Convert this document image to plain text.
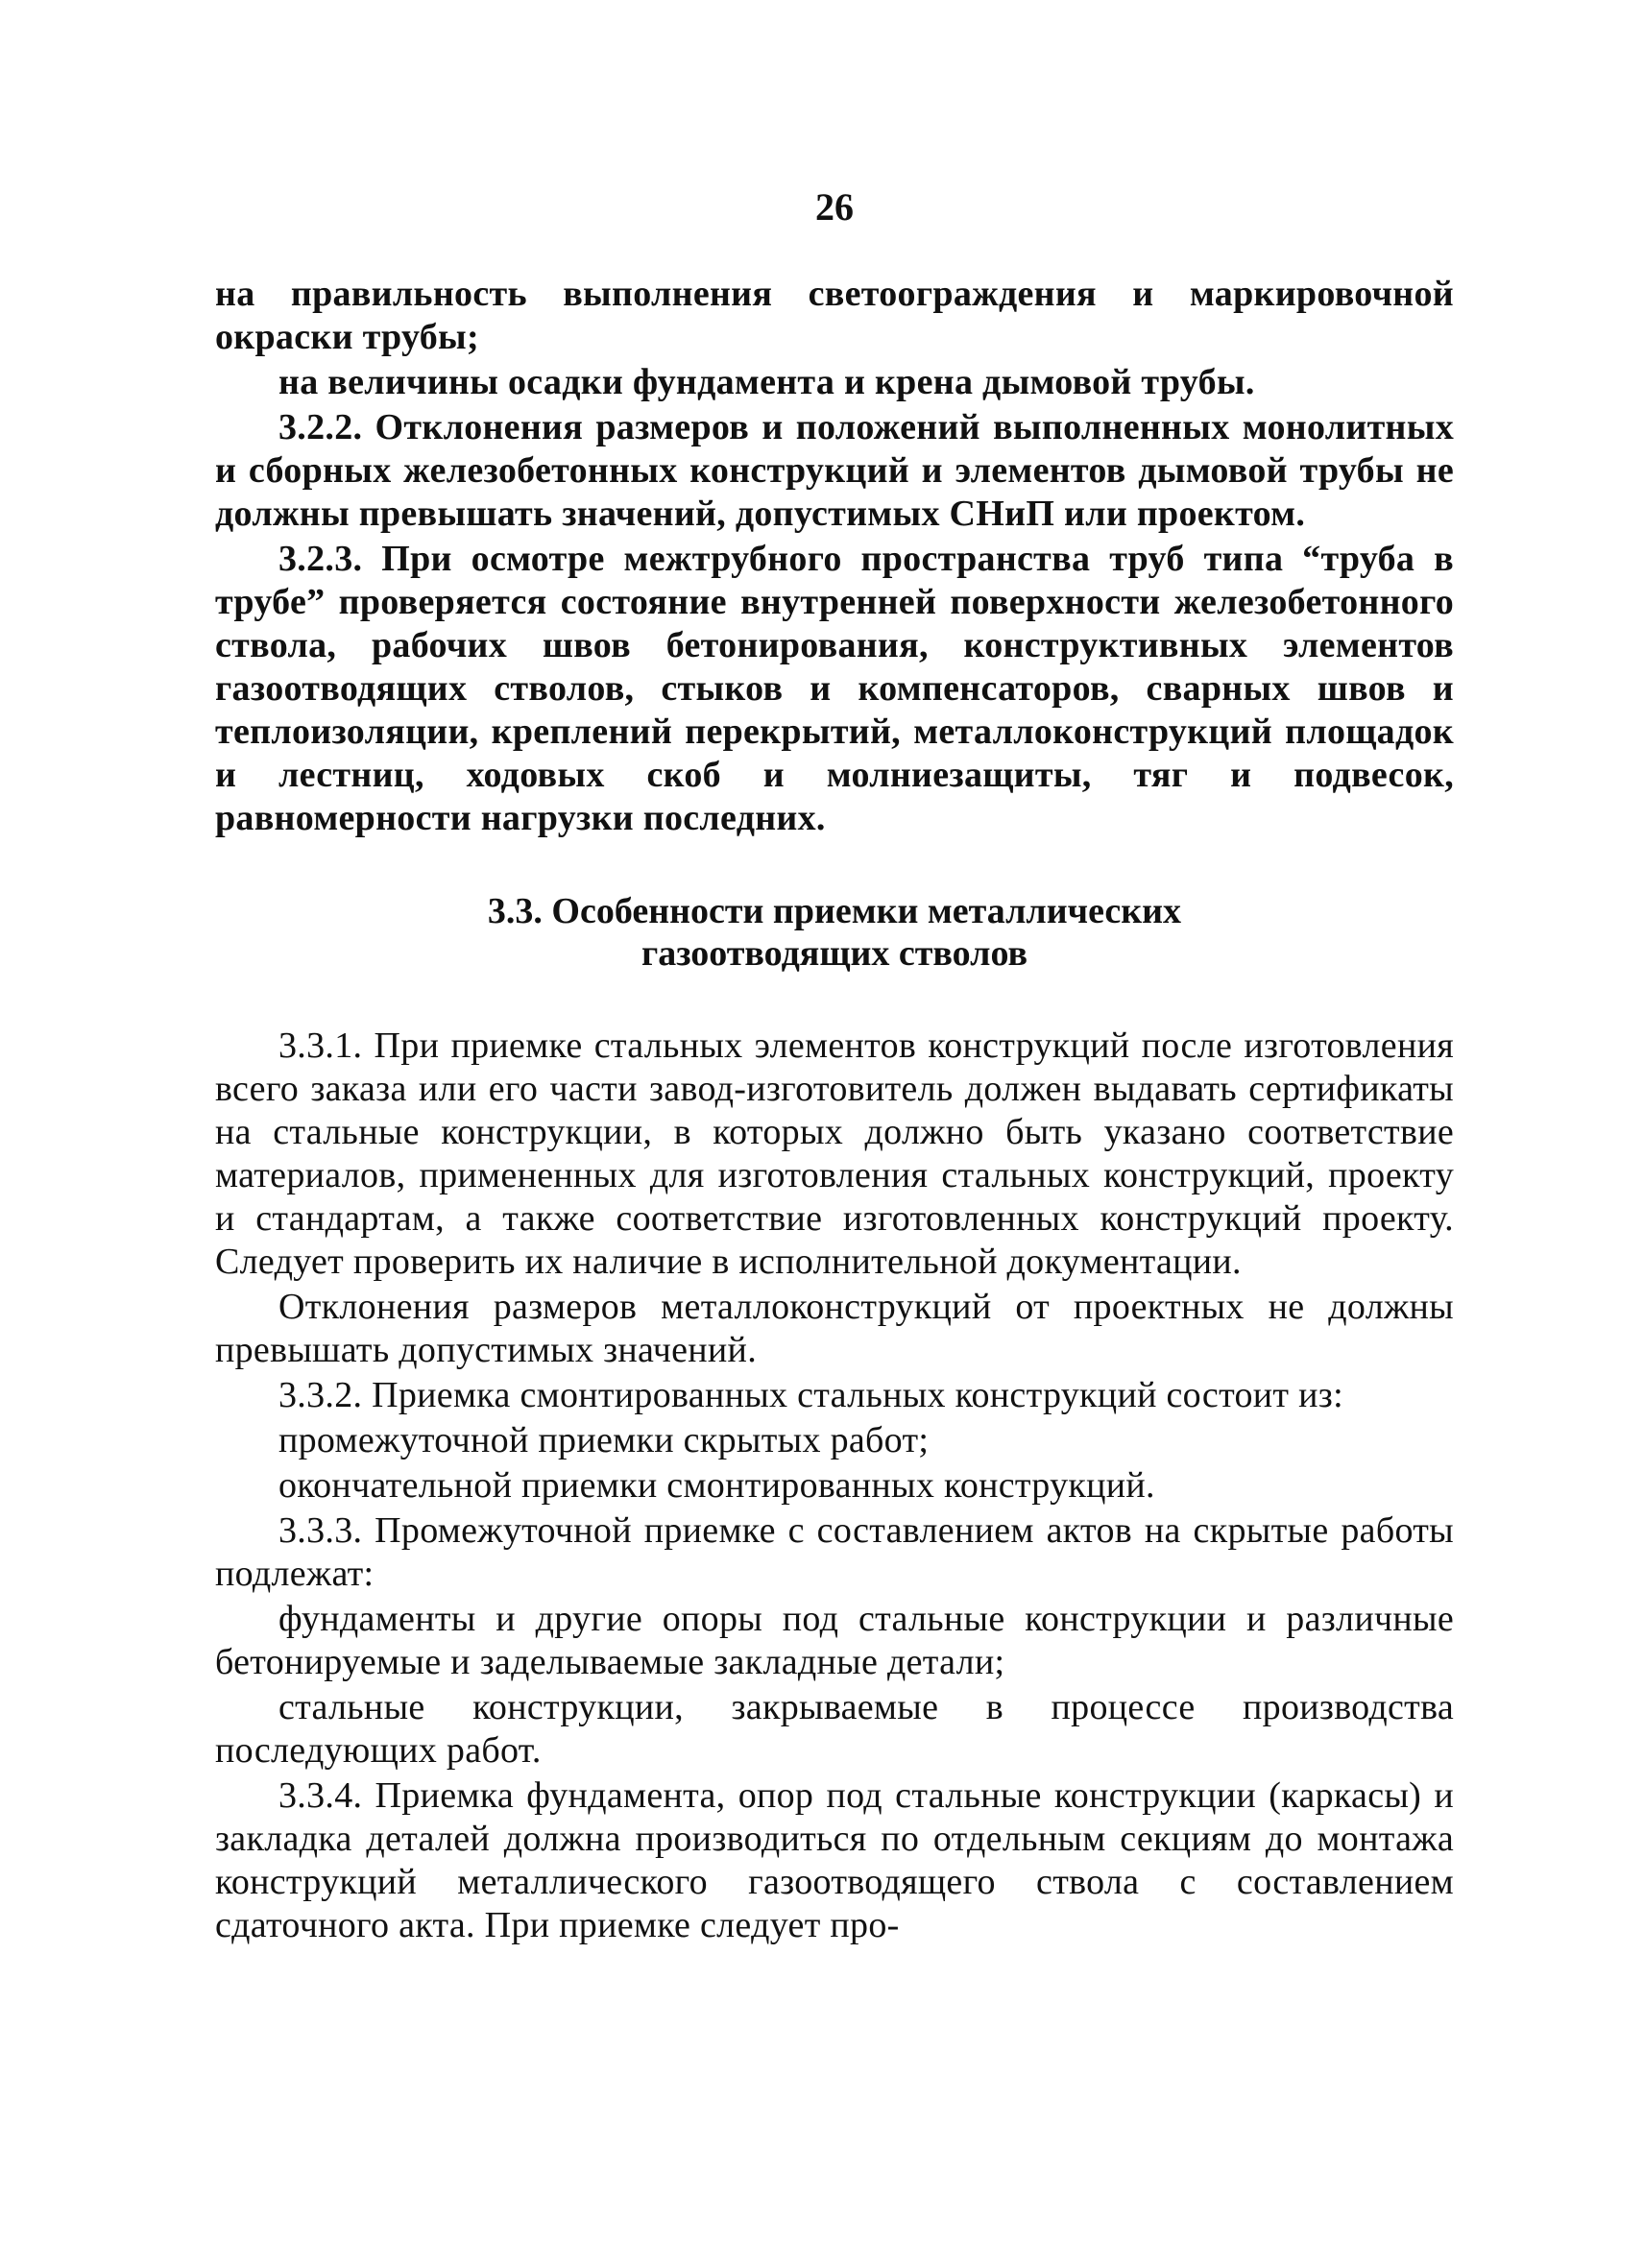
26

на правильность выполнения светоограждения и маркировочной окраски трубы;

на величины осадки фундамента и крена дымовой трубы.

3.2.2. Отклонения размеров и положений выполненных монолитных и сборных железобетонных конструкций и элементов дымовой трубы не должны превышать значений, допустимых СНиП или проектом.

3.2.3. При осмотре межтрубного пространства труб типа “труба в трубе” проверяется состояние внутренней поверхности железобетонного ствола, рабочих швов бетонирования, конструктивных элементов газоотводящих стволов, стыков и компенсаторов, сварных швов и теплоизоляции, креплений перекрытий, металлоконструкций площадок и лестниц, ходовых скоб и молниезащиты, тяг и подвесок, равномерности нагрузки последних.

3.3. Особенности приемки металлических
газоотводящих стволов

3.3.1. При приемке стальных элементов конструкций после изготовления всего заказа или его части завод-изготовитель должен выдавать сертификаты на стальные конструкции, в которых должно быть указано соответствие материалов, примененных для изготовления стальных конструкций, проекту и стандартам, а также соответствие изготовленных конструкций проекту. Следует проверить их наличие в исполнительной документации.

Отклонения размеров металлоконструкций от проектных не должны превышать допустимых значений.

3.3.2. Приемка смонтированных стальных конструкций состоит из:

промежуточной приемки скрытых работ;

окончательной приемки смонтированных конструкций.

3.3.3. Промежуточной приемке с составлением актов на скрытые работы подлежат:

фундаменты и другие опоры под стальные конструкции и различные бетонируемые и заделываемые закладные детали;

стальные конструкции, закрываемые в процессе производства последующих работ.

3.3.4. Приемка фундамента, опор под стальные конструкции (каркасы) и закладка деталей должна производиться по отдельным секциям до монтажа конструкций металлического газоотводящего ствола с составлением сдаточного акта. При приемке следует про-
